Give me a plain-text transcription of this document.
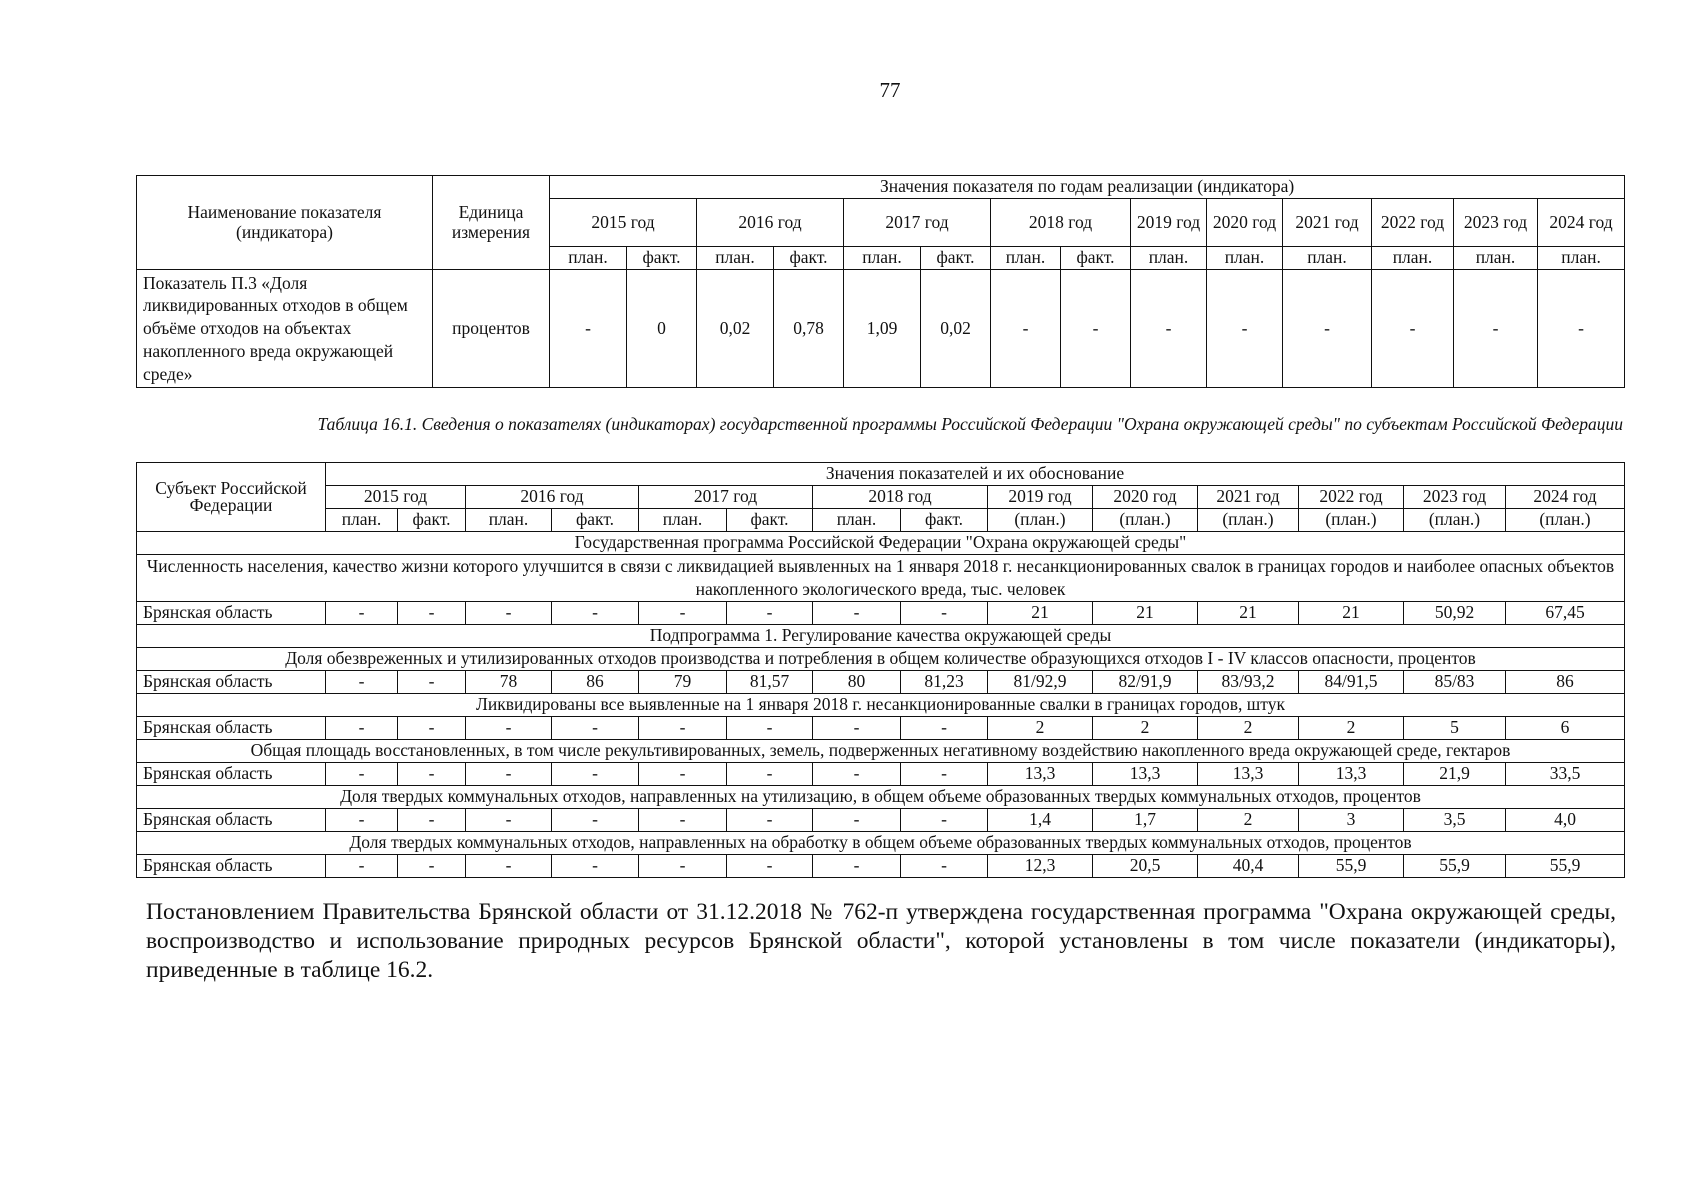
77
Наименование показателя (индикатора)	Единица измерения	Значения показателя по годам реализации (индикатора)													
		2015 год		2016 год		2017 год		2018 год		2019 год	2020 год	2021 год	2022 год	2023 год	2024 год
		план.	факт.	план.	факт.	план.	факт.	план.	факт.	план.	план.	план.	план.	план.	план.
Показатель П.3 «Доля ликвидированных отходов в общем объёме отходов на объектах накопленного вреда окружающей среде»	процентов	-	0	0,02	0,78	1,09	0,02	-	-	-	-	-	-	-	-
Таблица 16.1. Сведения о показателях (индикаторах) государственной программы Российской Федерации "Охрана окружающей среды" по субъектам Российской Федерации
Субъект Российской Федерации	Значения показателей и их обоснование													
	2015 год		2016 год		2017 год		2018 год		2019 год	2020 год	2021 год	2022 год	2023 год	2024 год
	план.	факт.	план.	факт.	план.	факт.	план.	факт.	(план.)	(план.)	(план.)	(план.)	(план.)	(план.)
Государственная программа Российской Федерации "Охрана окружающей среды"														
Численность населения, качество жизни которого улучшится в связи с ликвидацией выявленных на 1 января 2018 г. несанкционированных свалок в границах городов и наиболее опасных объектов накопленного экологического вреда, тыс. человек														
Брянская область	-	-	-	-	-	-	-	-	21	21	21	21	50,92	67,45
Подпрограмма 1. Регулирование качества окружающей среды														
Доля обезвреженных и утилизированных отходов производства и потребления в общем количестве образующихся отходов I - IV классов опасности, процентов														
Брянская область	-	-	78	86	79	81,57	80	81,23	81/92,9	82/91,9	83/93,2	84/91,5	85/83	86
Ликвидированы все выявленные на 1 января 2018 г. несанкционированные свалки в границах городов, штук														
Брянская область	-	-	-	-	-	-	-	-	2	2	2	2	5	6
Общая площадь восстановленных, в том числе рекультивированных, земель, подверженных негативному воздействию накопленного вреда окружающей среде, гектаров														
Брянская область	-	-	-	-	-	-	-	-	13,3	13,3	13,3	13,3	21,9	33,5
Доля твердых коммунальных отходов, направленных на утилизацию, в общем объеме образованных твердых коммунальных отходов, процентов														
Брянская область	-	-	-	-	-	-	-	-	1,4	1,7	2	3	3,5	4,0
Доля твердых коммунальных отходов, направленных на обработку в общем объеме образованных твердых коммунальных отходов, процентов														
Брянская область	-	-	-	-	-	-	-	-	12,3	20,5	40,4	55,9	55,9	55,9
Постановлением Правительства Брянской области от 31.12.2018 № 762-п утверждена государственная программа "Охрана окружающей среды, воспроизводство и использование природных ресурсов Брянской области", которой установлены в том числе показатели (индикаторы), приведенные в таблице 16.2.
